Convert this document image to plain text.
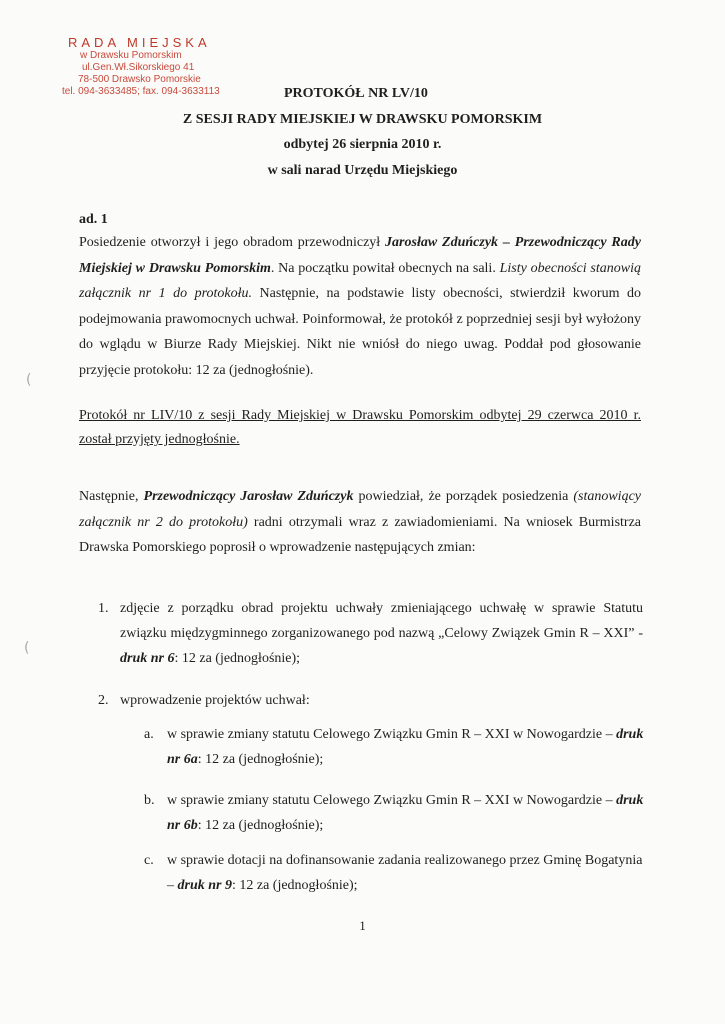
RADA MIEJSKA
w Drawsku Pomorskim
ul.Gen.Wł.Sikorskiego 41
78-500 Drawsko Pomorskie
tel. 094-3633485; fax. 094-3633113	PROTOKÓŁ NR LV/10
Z SESJI RADY MIEJSKIEJ W DRAWSKU POMORSKIM
odbytej 26 sierpnia 2010 r.
w sali narad Urzędu Miejskiego
ad. 1
Posiedzenie otworzył i jego obradom przewodniczył Jarosław Zduńczyk – Przewodniczący Rady Miejskiej w Drawsku Pomorskim. Na początku powitał obecnych na sali. Listy obecności stanowią załącznik nr 1 do protokołu. Następnie, na podstawie listy obecności, stwierdził kworum do podejmowania prawomocnych uchwał. Poinformował, że protokół z poprzedniej sesji był wyłożony do wglądu w Biurze Rady Miejskiej. Nikt nie wniósł do niego uwag. Poddał pod głosowanie przyjęcie protokołu: 12 za (jednogłośnie).
Protokół nr LIV/10 z sesji Rady Miejskiej w Drawsku Pomorskim odbytej 29 czerwca 2010 r. został przyjęty jednogłośnie.
Następnie, Przewodniczący Jarosław Zduńczyk powiedział, że porządek posiedzenia (stanowiący załącznik nr 2 do protokołu) radni otrzymali wraz z zawiadomieniami. Na wniosek Burmistrza Drawska Pomorskiego poprosił o wprowadzenie następujących zmian:
1. zdjęcie z porządku obrad projektu uchwały zmieniającego uchwałę w sprawie Statutu związku międzygminnego zorganizowanego pod nazwą „Celowy Związek Gmin R – XXI” - druk nr 6: 12 za (jednogłośnie);
2. wprowadzenie projektów uchwał:
a. w sprawie zmiany statutu Celowego Związku Gmin R – XXI w Nowogardzie – druk nr 6a: 12 za (jednogłośnie);
b. w sprawie zmiany statutu Celowego Związku Gmin R – XXI w Nowogardzie – druk nr 6b: 12 za (jednogłośnie);
c. w sprawie dotacji na dofinansowanie zadania realizowanego przez Gminę Bogatynia – druk nr 9: 12 za (jednogłośnie);
1
(
(
